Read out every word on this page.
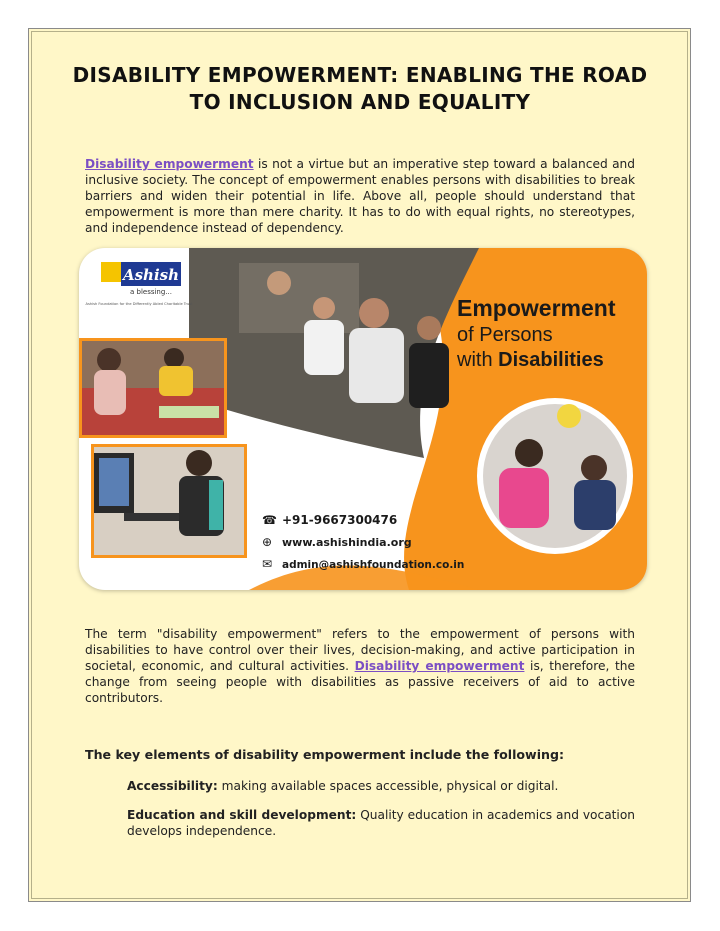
DISABILITY EMPOWERMENT: ENABLING THE ROAD
TO INCLUSION AND EQUALITY
Disability empowerment is not a virtue but an imperative step toward a balanced and inclusive society. The concept of empowerment enables persons with disabilities to break barriers and widen their potential in life. Above all, people should understand that empowerment is more than mere charity. It has to do with equal rights, no stereotypes, and independence instead of dependency.
Ashish
a blessing...
Ashish Foundation for the Differently Abled Charitable Trust	Empowerment
of Persons
with Disabilities
☎ +91-9667300476
⊕ www.ashishindia.org
✉ admin@ashishfoundation.co.in
The term "disability empowerment" refers to the empowerment of persons with disabilities to have control over their lives, decision-making, and active participation in societal, economic, and cultural activities. Disability empowerment is, therefore, the change from seeing people with disabilities as passive receivers of aid to active contributors.
The key elements of disability empowerment include the following:
Accessibility: making available spaces accessible, physical or digital.
Education and skill development: Quality education in academics and vocation develops independence.
